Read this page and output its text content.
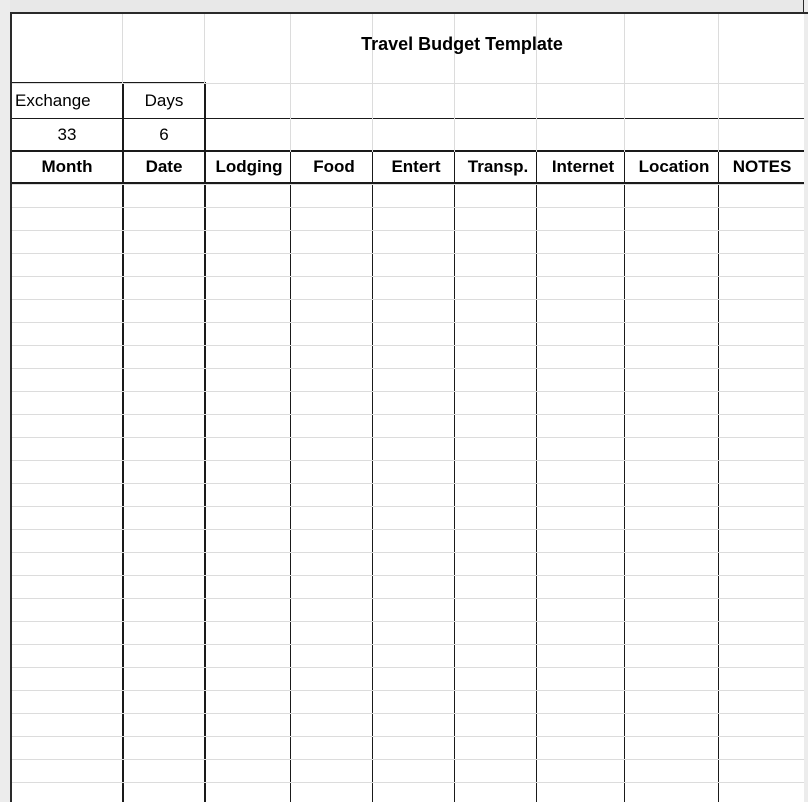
Travel Budget Template
Exchange	Days
33	6
Month	Date	Lodging	Food	Entert	Transp.	Internet	Location	NOTES
